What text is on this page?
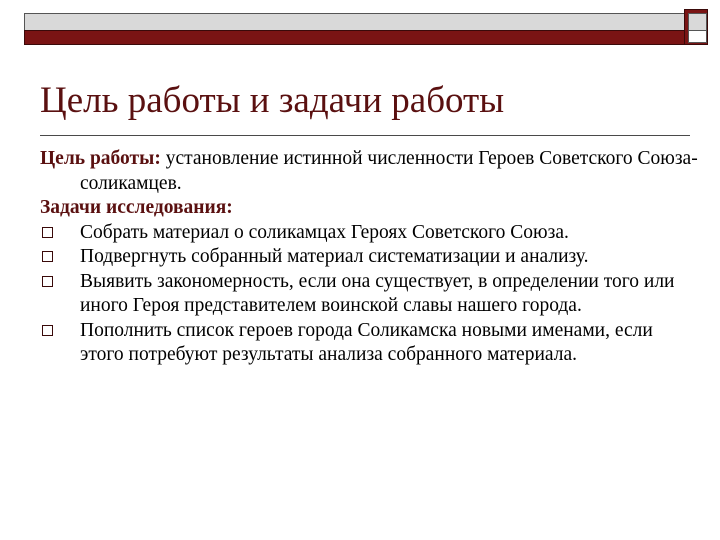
Цель работы и задачи работы

Цель работы: установление истинной численности Героев Советского Союза-соликамцев.

Задачи исследования:

Собрать материал о соликамцах Героях Советского Союза.
Подвергнуть собранный материал систематизации и анализу.
Выявить закономерность, если она существует, в определении того или иного Героя представителем воинской славы нашего города.
Пополнить список героев города Соликамска новыми именами, если этого потребуют результаты анализа собранного материала.
